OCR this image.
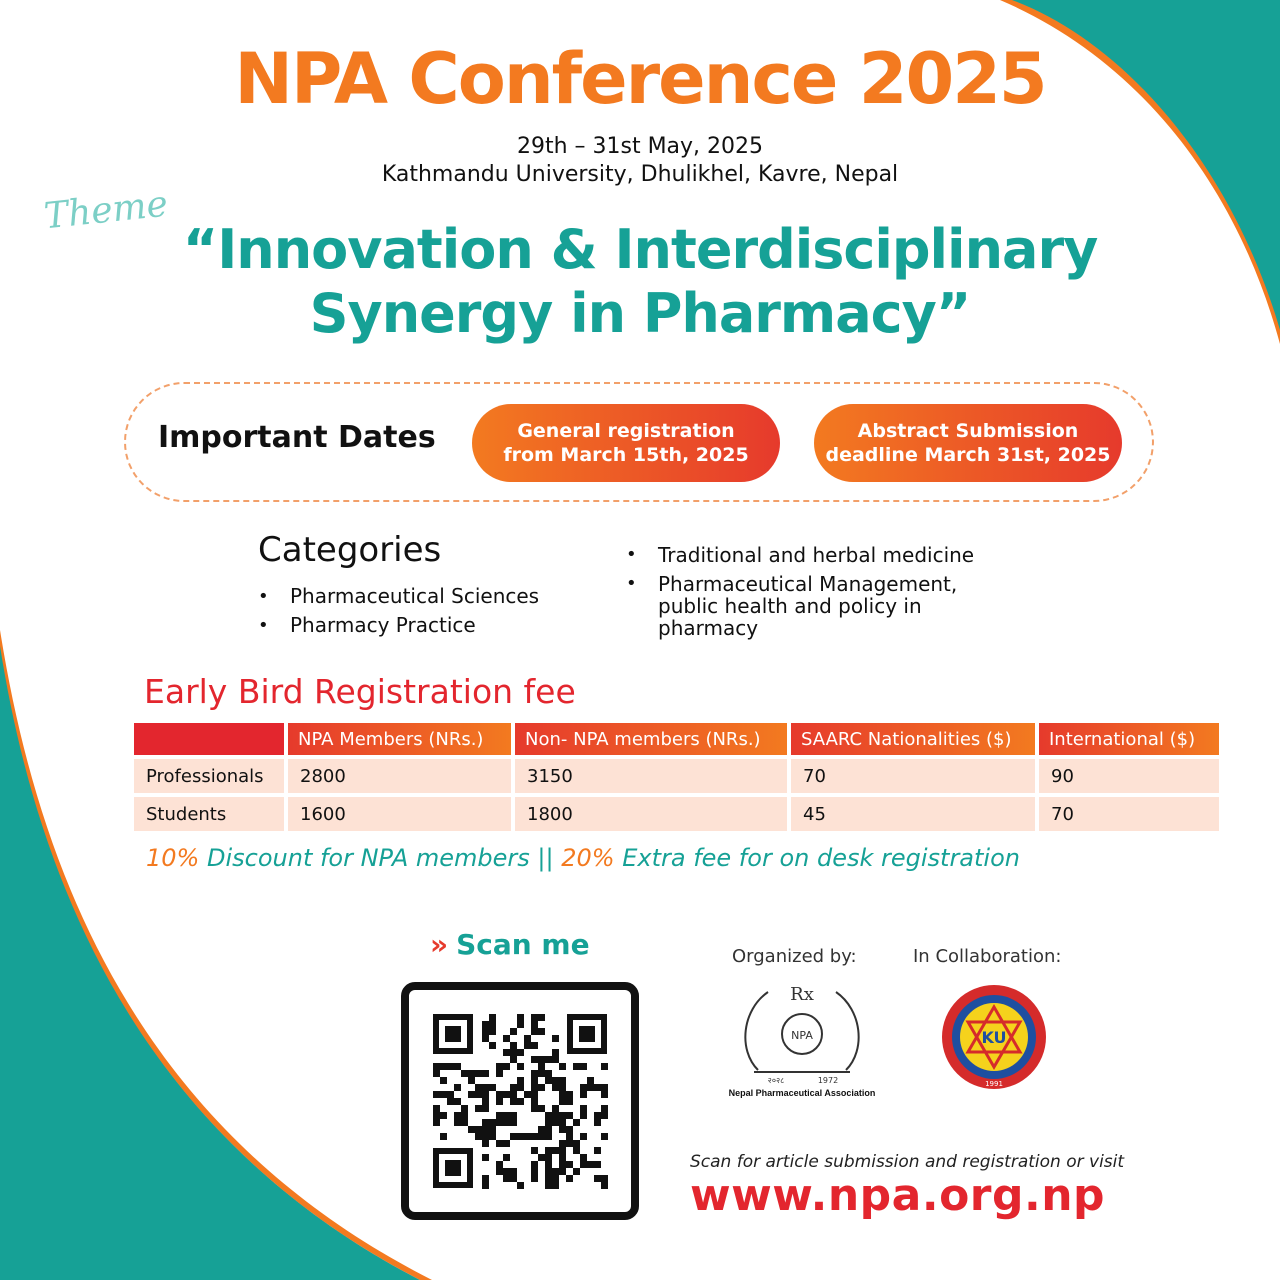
NPA Conference 2025
29th – 31st May, 2025
Kathmandu University, Dhulikhel, Kavre, Nepal
Theme
“Innovation & Interdisciplinary
Synergy in Pharmacy”
Important Dates	General registration
from March 15th, 2025
Abstract Submission
deadline March 31st, 2025
Categories
• Pharmaceutical Sciences
• Pharmacy Practice
• Traditional and herbal medicine
• Pharmaceutical Management, public health and policy in pharmacy
Early Bird Registration fee
	NPA Members (NRs.)	Non- NPA members (NRs.)	SAARC Nationalities ($)	International ($)
Professionals	2800	3150	70	90
Students	1600	1800	45	70
10% Discount for NPA members || 20% Extra fee for on desk registration
» Scan me	Organized by:	In Collaboration:
Rx
NPA
२०२८	1972
Nepal Pharmaceutical Association
KU
1991
Scan for article submission and registration or visit
www.npa.org.np
